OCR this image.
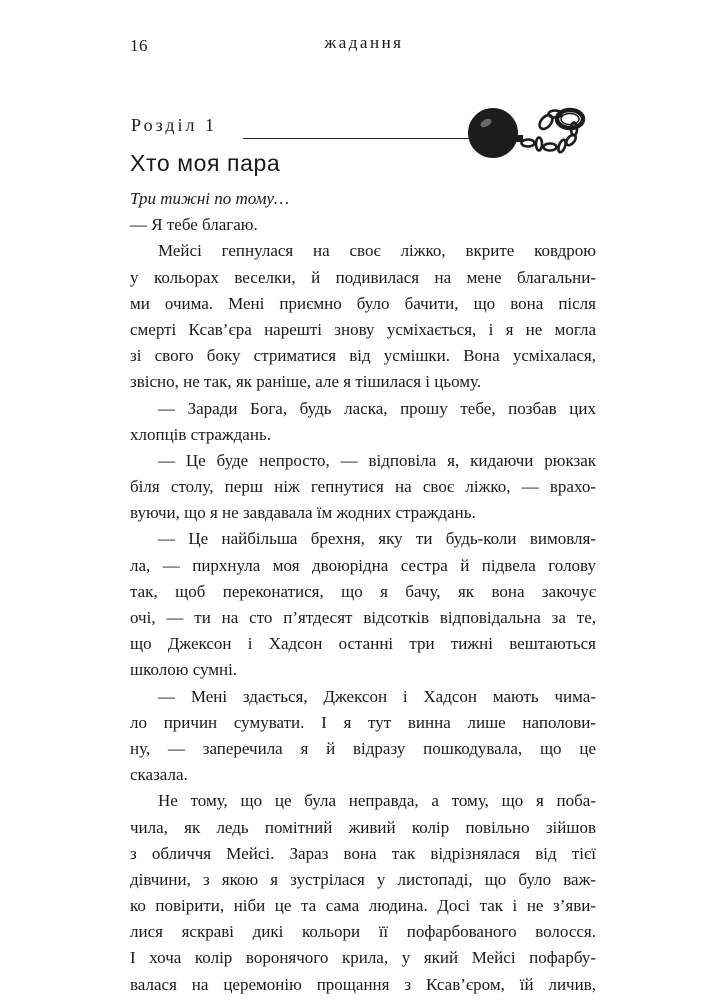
16	жадання
Розділ 1
Хто моя пара
Три тижні по тому…
— Я тебе благаю.
Мейсі гепнулася на своє ліжко, вкрите ковдрою
у кольорах веселки, й подивилася на мене благальни-
ми очима. Мені приємно було бачити, що вона після
смерті Ксав’єра нарешті знову усміхається, і я не могла
зі свого боку стриматися від усмішки. Вона усміхалася,
звісно, не так, як раніше, але я тішилася і цьому.
— Заради Бога, будь ласка, прошу тебе, позбав цих
хлопців страждань.
— Це буде непросто, — відповіла я, кидаючи рюкзак
біля столу, перш ніж гепнутися на своє ліжко, — врахо-
вуючи, що я не завдавала їм жодних страждань.
— Це найбільша брехня, яку ти будь-коли вимовля-
ла, — пирхнула моя двоюрідна сестра й підвела голову
так, щоб переконатися, що я бачу, як вона закочує
очі, — ти на сто п’ятдесят відсотків відповідальна за те,
що Джексон і Хадсон останні три тижні вештаються
школою сумні.
— Мені здається, Джексон і Хадсон мають чима-
ло причин сумувати. І я тут винна лише наполови-
ну, — заперечила я й відразу пошкодувала, що це
сказала.
Не тому, що це була неправда, а тому, що я поба-
чила, як ледь помітний живий колір повільно зійшов
з обличчя Мейсі. Зараз вона так відрізнялася від тієї
дівчини, з якою я зустрілася у листопаді, що було важ-
ко повірити, ніби це та сама людина. Досі так і не з’яви-
лися яскраві дикі кольори її пофарбованого волосся.
І хоча колір воронячого крила, у який Мейсі пофарбу-
валася на церемонію прощання з Ксав’єром, їй личив,
